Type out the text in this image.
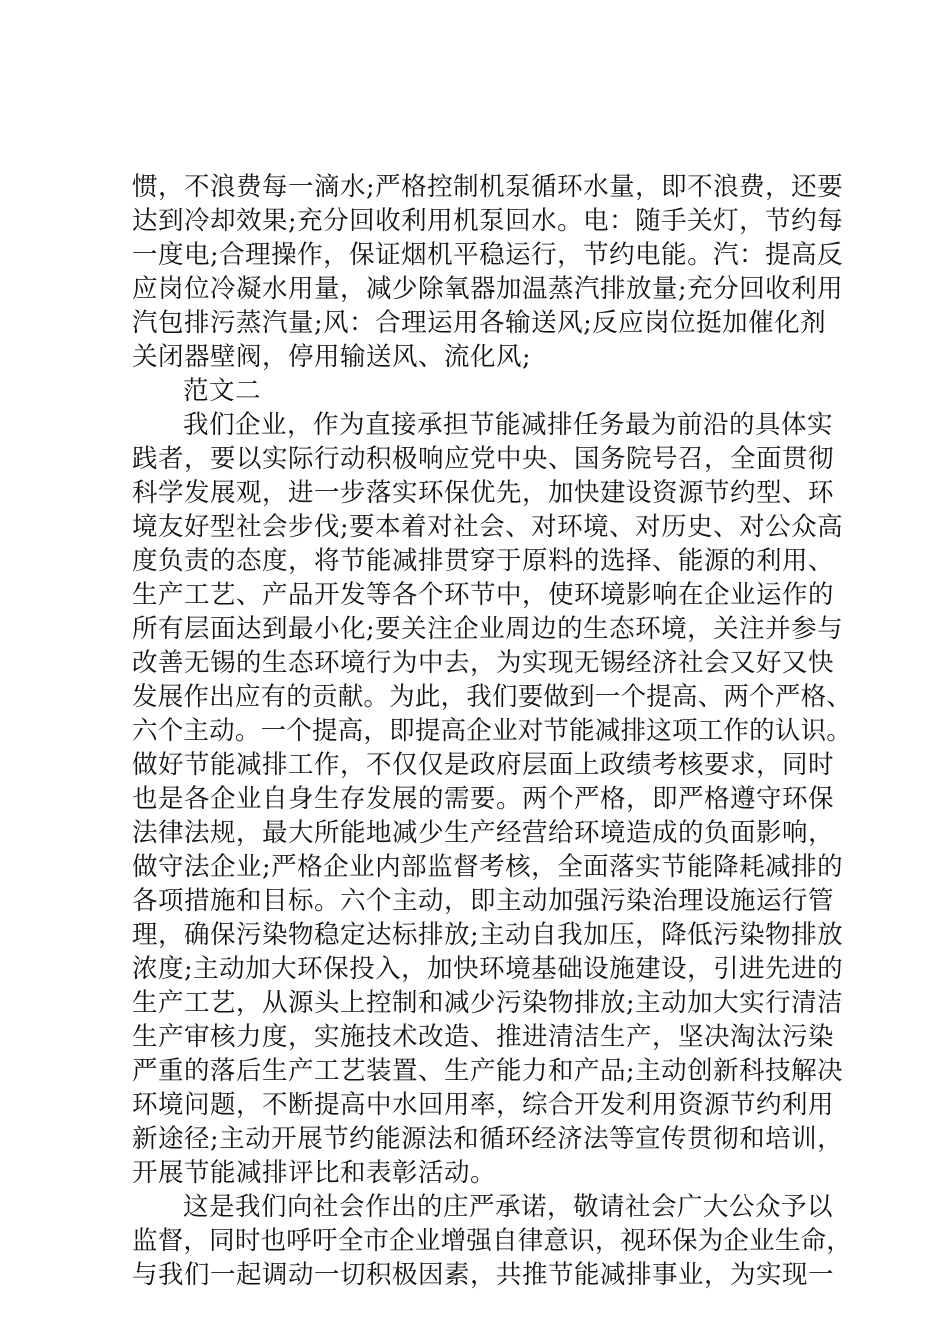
惯，不浪费每一滴水;严格控制机泵循环水量，即不浪费，还要
达到冷却效果;充分回收利用机泵回水。电：随手关灯，节约每
一度电;合理操作，保证烟机平稳运行，节约电能。汽：提高反
应岗位冷凝水用量，减少除氧器加温蒸汽排放量;充分回收利用
汽包排污蒸汽量;风：合理运用各输送风;反应岗位挺加催化剂
关闭器壁阀，停用输送风、流化风;
范文二
我们企业，作为直接承担节能减排任务最为前沿的具体实
践者，要以实际行动积极响应党中央、国务院号召，全面贯彻
科学发展观，进一步落实环保优先，加快建设资源节约型、环
境友好型社会步伐;要本着对社会、对环境、对历史、对公众高
度负责的态度，将节能减排贯穿于原料的选择、能源的利用、
生产工艺、产品开发等各个环节中，使环境影响在企业运作的
所有层面达到最小化;要关注企业周边的生态环境，关注并参与
改善无锡的生态环境行为中去，为实现无锡经济社会又好又快
发展作出应有的贡献。为此，我们要做到一个提高、两个严格、
六个主动。一个提高，即提高企业对节能减排这项工作的认识。
做好节能减排工作，不仅仅是政府层面上政绩考核要求，同时
也是各企业自身生存发展的需要。两个严格，即严格遵守环保
法律法规，最大所能地减少生产经营给环境造成的负面影响，
做守法企业;严格企业内部监督考核，全面落实节能降耗减排的
各项措施和目标。六个主动，即主动加强污染治理设施运行管
理，确保污染物稳定达标排放;主动自我加压，降低污染物排放
浓度;主动加大环保投入，加快环境基础设施建设，引进先进的
生产工艺，从源头上控制和减少污染物排放;主动加大实行清洁
生产审核力度，实施技术改造、推进清洁生产，坚决淘汰污染
严重的落后生产工艺装置、生产能力和产品;主动创新科技解决
环境问题，不断提高中水回用率，综合开发利用资源节约利用
新途径;主动开展节约能源法和循环经济法等宣传贯彻和培训，
开展节能减排评比和表彰活动。
这是我们向社会作出的庄严承诺，敬请社会广大公众予以
监督，同时也呼吁全市企业增强自律意识，视环保为企业生命，
与我们一起调动一切积极因素，共推节能减排事业，为实现一
